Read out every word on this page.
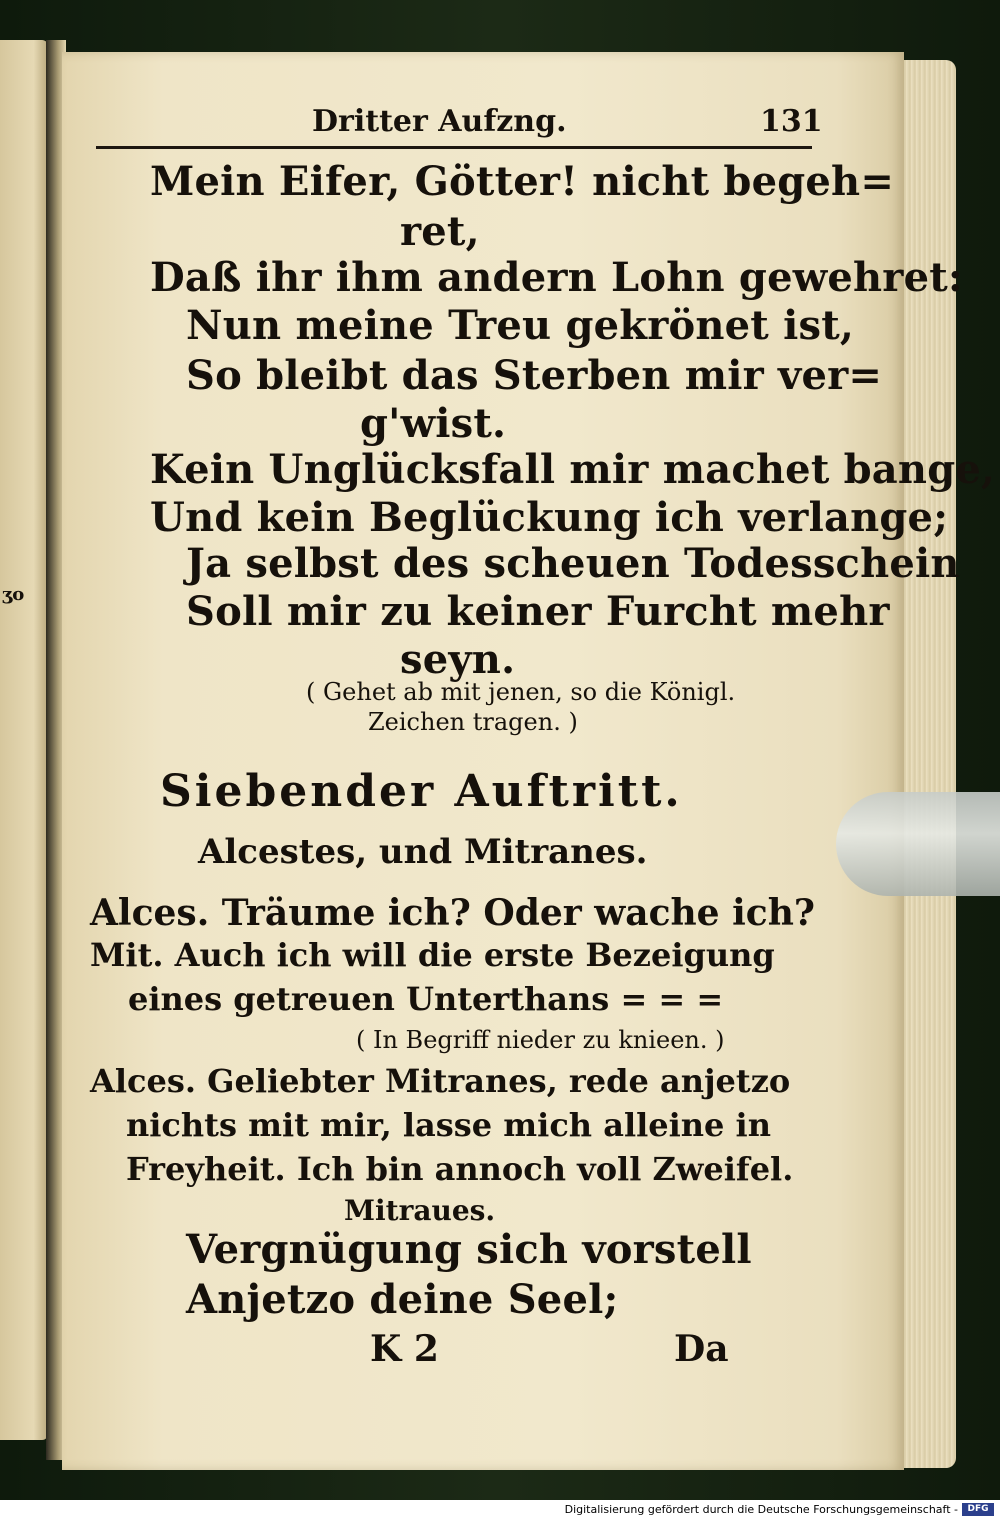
ʒo
Dritter Aufzng.	131
Mein Eifer, Götter! nicht begeh=
ret,
Daß ihr ihm andern Lohn gewehret:
Nun meine Treu gekrönet ist,
So bleibt das Sterben mir ver=
g'wist.
Kein Unglücksfall mir machet bange,
Und kein Beglückung ich verlange;
Ja selbst des scheuen Todesschein
Soll mir zu keiner Furcht mehr
seyn.
( Gehet ab mit jenen, so die Königl.
Zeichen tragen. )
Siebender Auftritt.
Alcestes, und Mitranes.
Alces. Träume ich? Oder wache ich?
Mit. Auch ich will die erste Bezeigung
eines getreuen Unterthans = = =
( In Begriff nieder zu knieen. )
Alces. Geliebter Mitranes, rede anjetzo
nichts mit mir, lasse mich alleine in
Freyheit. Ich bin annoch voll Zweifel.
Mitraues.
Vergnügung sich vorstell
Anjetzo deine Seel;
K 2	Da
Digitalisierung gefördert durch die Deutsche Forschungsgemeinschaft -	DFG
